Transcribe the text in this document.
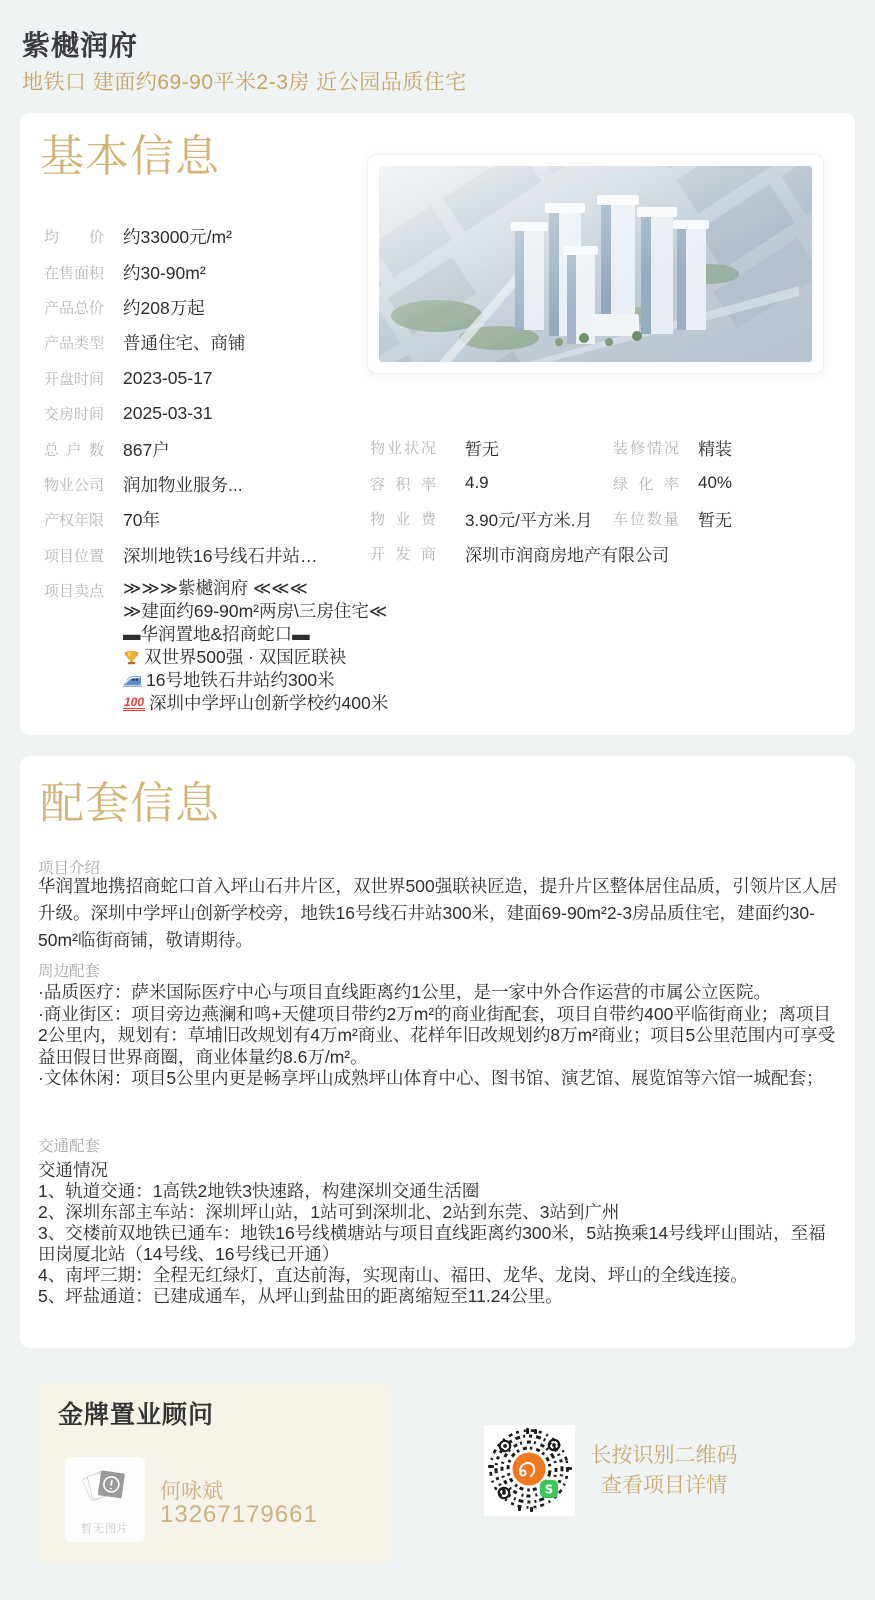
紫樾润府
地铁口 建面约69-90平米2-3房 近公园品质住宅
基本信息
均价 约33000元/m²
在售面积 约30-90m²
产品总价 约208万起
产品类型 普通住宅、商铺
开盘时间 2023-05-17
交房时间 2025-03-31
总户数 867户
物业公司 润加物业服务...
产权年限 70年
项目位置 深圳地铁16号线石井站…
物业状况 暂无	装修情况 精装
容积率 4.9	绿化率 40%
物业费 3.90元/平方米.月	车位数量 暂无
开发商 深圳市润商房地产有限公司
项目卖点 ≫≫≫紫樾润府 ≪≪≪
≫建面约69-90m²两房\三房住宅≪
▬华润置地&招商蛇口▬
双世界500强 · 双国匠联袂
16号地铁石井站约300米
100 深圳中学坪山创新学校约400米
配套信息
项目介绍

华润置地携招商蛇口首入坪山石井片区，双世界500强联袂匠造，提升片区整体居住品质，引领片区人居升级。深圳中学坪山创新学校旁，地铁16号线石井站300米，建面69-90m²2-3房品质住宅，建面约30-50m²临街商铺，敬请期待。

周边配套

·品质医疗：萨米国际医疗中心与项目直线距离约1公里，是一家中外合作运营的市属公立医院。

·商业街区：项目旁边燕澜和鸣+天健项目带约2万m²的商业街配套，项目自带约400平临街商业；离项目2公里内，规划有：草埔旧改规划有4万m²商业、花样年旧改规划约8万m²商业；项目5公里范围内可享受益田假日世界商圈，商业体量约8.6万/m²。

·文体休闲：项目5公里内更是畅享坪山成熟坪山体育中心、图书馆、演艺馆、展览馆等六馆一城配套；

交通配套

交通情况

1、轨道交通：1高铁2地铁3快速路，构建深圳交通生活圈

2、深圳东部主车站：深圳坪山站，1站可到深圳北、2站到东莞、3站到广州

3、交楼前双地铁已通车：地铁16号线横塘站与项目直线距离约300米，5站换乘14号线坪山围站，至福田岗厦北站（14号线、16号线已开通）

4、南坪三期：全程无红绿灯，直达前海，实现南山、福田、龙华、龙岗、坪山的全线连接。

5、坪盐通道：已建成通车，从坪山到盐田的距离缩短至11.24公里。

金牌置业顾问
暂无图片
何咏斌
13267179661
S
长按识别二维码
查看项目详情
